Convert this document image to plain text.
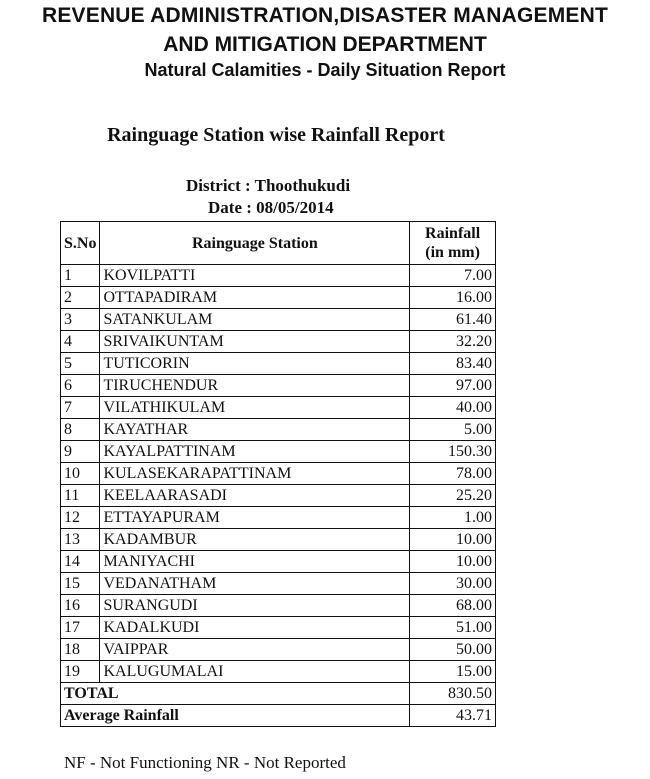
REVENUE ADMINISTRATION,DISASTER MANAGEMENT
AND MITIGATION DEPARTMENT
Natural Calamities - Daily Situation Report
Rainguage Station wise Rainfall Report
District : Thoothukudi
Date : 08/05/2014
S.No	Rainguage Station	Rainfall
(in mm)
1	KOVILPATTI	7.00
2	OTTAPADIRAM	16.00
3	SATANKULAM	61.40
4	SRIVAIKUNTAM	32.20
5	TUTICORIN	83.40
6	TIRUCHENDUR	97.00
7	VILATHIKULAM	40.00
8	KAYATHAR	5.00
9	KAYALPATTINAM	150.30
10	KULASEKARAPATTINAM	78.00
11	KEELAARASADI	25.20
12	ETTAYAPURAM	1.00
13	KADAMBUR	10.00
14	MANIYACHI	10.00
15	VEDANATHAM	30.00
16	SURANGUDI	68.00
17	KADALKUDI	51.00
18	VAIPPAR	50.00
19	KALUGUMALAI	15.00
TOTAL		830.50
Average Rainfall		43.71
NF - Not Functioning NR - Not Reported
